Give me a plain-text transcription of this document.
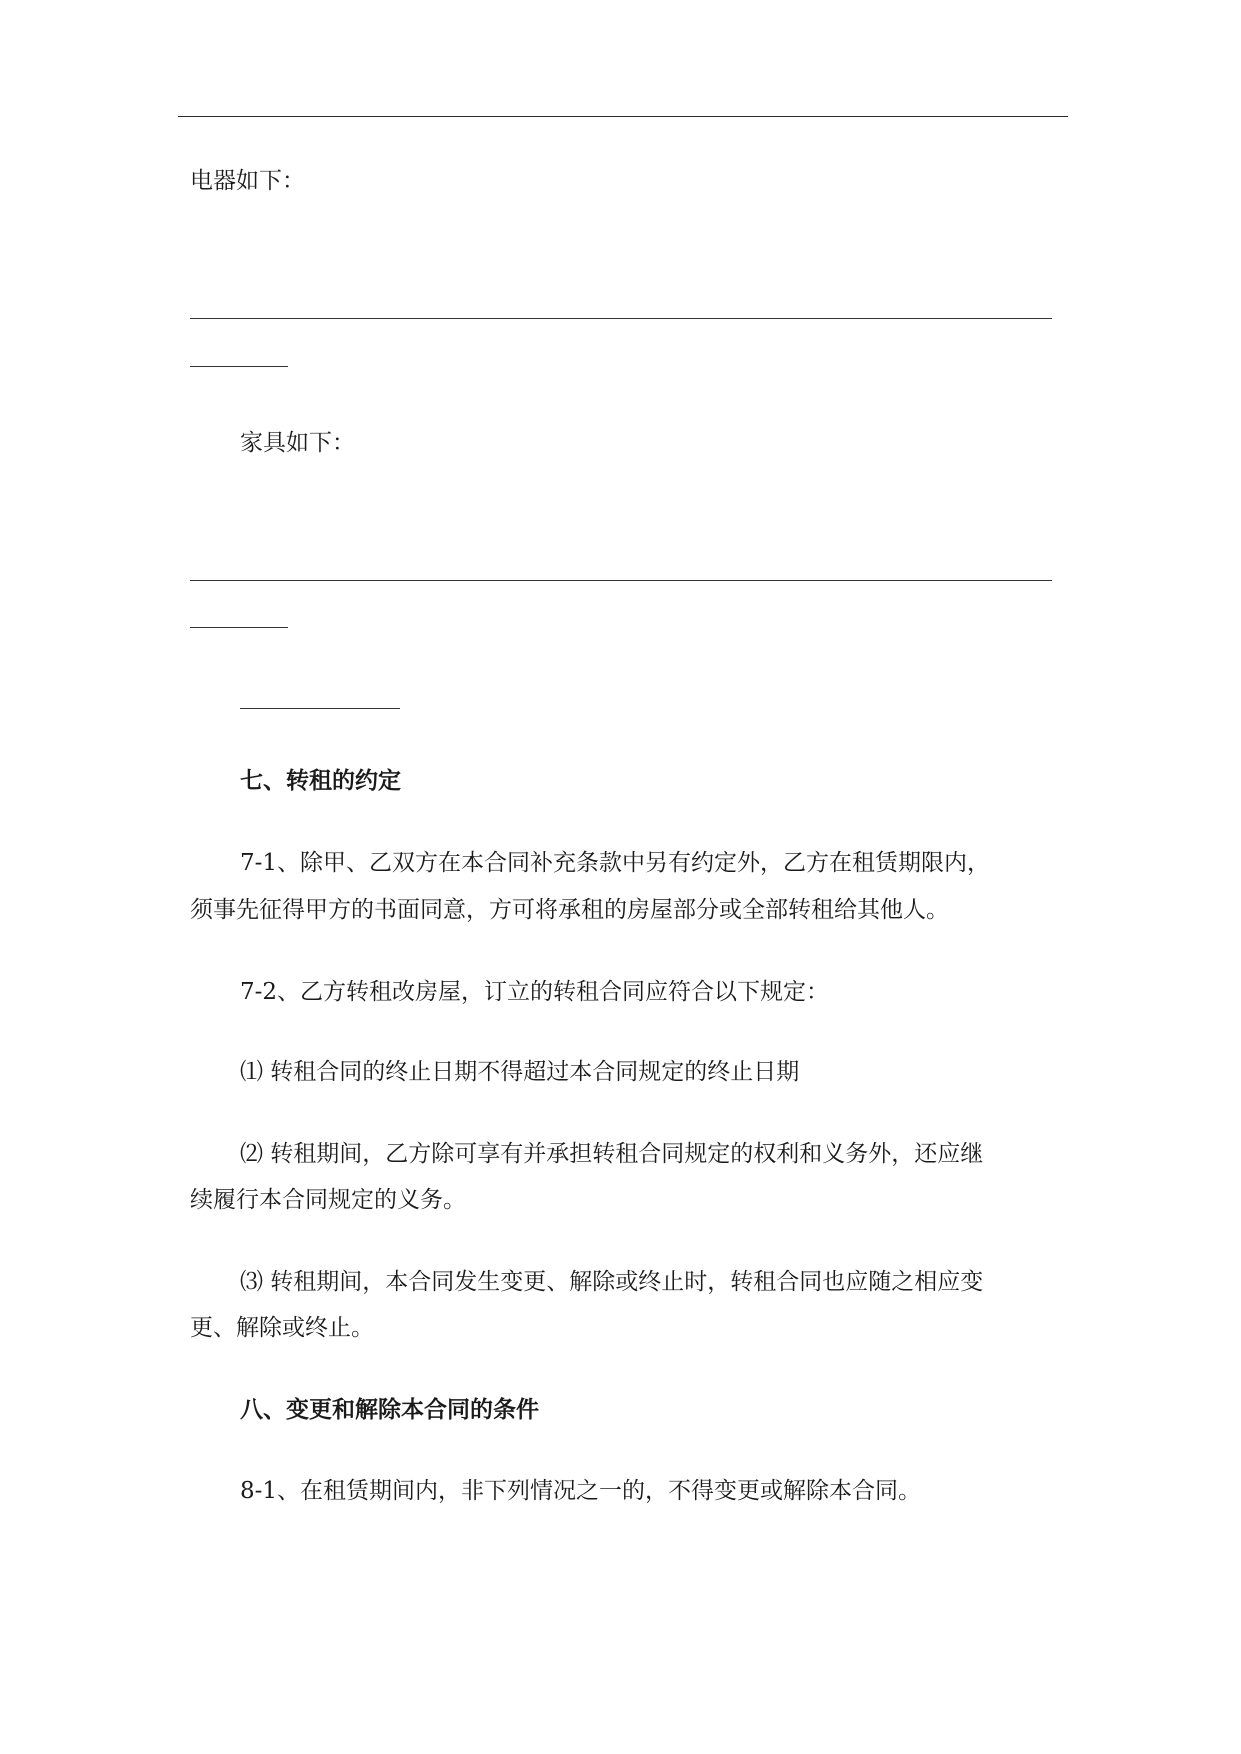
电器如下：
家具如下：
七、转租的约定
7-1、除甲、乙双方在本合同补充条款中另有约定外，乙方在租赁期限内，
须事先征得甲方的书面同意，方可将承租的房屋部分或全部转租给其他人。
7-2、乙方转租改房屋，订立的转租合同应符合以下规定：
⑴ 转租合同的终止日期不得超过本合同规定的终止日期
⑵ 转租期间，乙方除可享有并承担转租合同规定的权利和义务外，还应继
续履行本合同规定的义务。
⑶ 转租期间，本合同发生变更、解除或终止时，转租合同也应随之相应变
更、解除或终止。
八、变更和解除本合同的条件
8-1、在租赁期间内，非下列情况之一的，不得变更或解除本合同。
